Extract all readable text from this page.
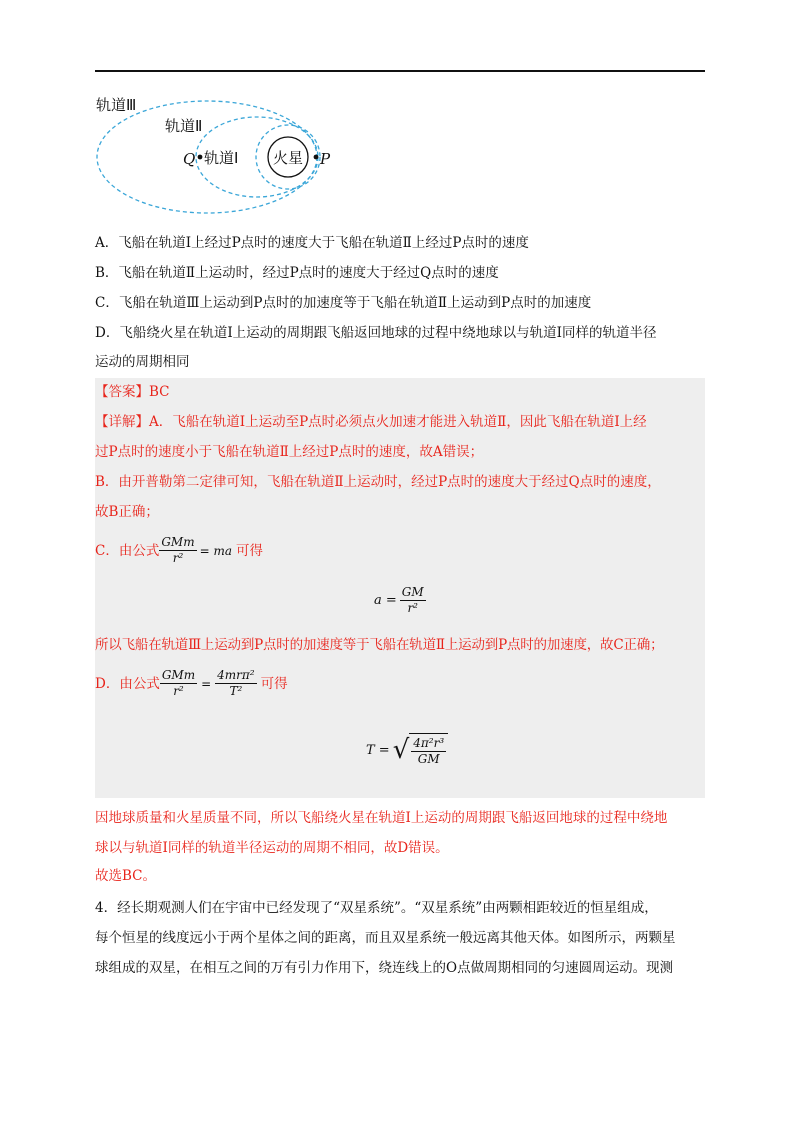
轨道Ⅲ
轨道Ⅱ
轨道Ⅰ
Q	P
火星
A．飞船在轨道Ⅰ上经过P点时的速度大于飞船在轨道Ⅱ上经过P点时的速度
B．飞船在轨道Ⅱ上运动时，经过P点时的速度大于经过Q点时的速度
C．飞船在轨道Ⅲ上运动到P点时的加速度等于飞船在轨道Ⅱ上运动到P点时的加速度
D．飞船绕火星在轨道Ⅰ上运动的周期跟飞船返回地球的过程中绕地球以与轨道Ⅰ同样的轨道半径
运动的周期相同
【答案】BC
【详解】A．飞船在轨道Ⅰ上运动至P点时必须点火加速才能进入轨道Ⅱ，因此飞船在轨道Ⅰ上经
过P点时的速度小于飞船在轨道Ⅱ上经过P点时的速度，故A错误；
B．由开普勒第二定律可知，飞船在轨道Ⅱ上运动时，经过P点时的速度大于经过Q点时的速度，
故B正确；
C．由公式 $\frac{\text{GMm}}{\text{r²}}$ = ma 可得
$a = \frac{GM}{\text{r²}}$
所以飞船在轨道Ⅲ上运动到P点时的加速度等于飞船在轨道Ⅱ上运动到P点时的加速度，故C正确；
D．由公式 $\frac{\text{GMm}}{\text{r²}} = \frac{\text{4mrπ²}}{\text{T²}}$ 可得
T = √ $\frac{\text{4π²r³}}{GM}$
因地球质量和火星质量不同，所以飞船绕火星在轨道Ⅰ上运动的周期跟飞船返回地球的过程中绕地
球以与轨道Ⅰ同样的轨道半径运动的周期不相同，故D错误。
故选BC。
4．经长期观测人们在宇宙中已经发现了“双星系统”。“双星系统”由两颗相距较近的恒星组成，
每个恒星的线度远小于两个星体之间的距离，而且双星系统一般远离其他天体。如图所示，两颗星
球组成的双星，在相互之间的万有引力作用下，绕连线上的O点做周期相同的匀速圆周运动。现测
